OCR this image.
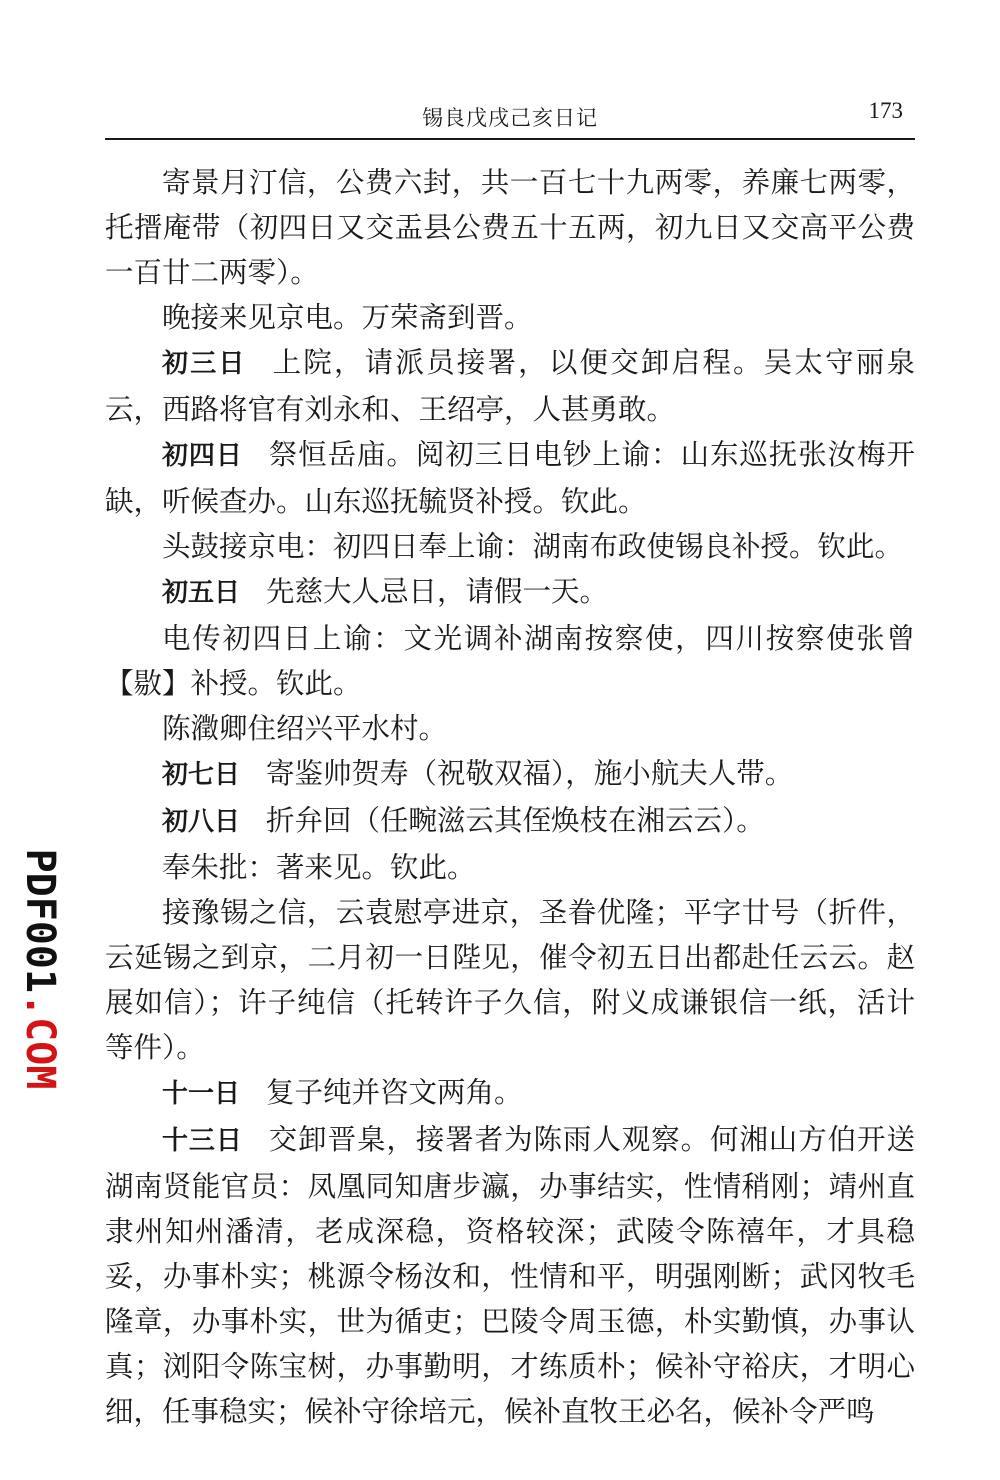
锡良戊戌己亥日记	173

寄景月汀信，公费六封，共一百七十九两零，养廉七两零，托搢庵带（初四日又交盂县公费五十五两，初九日又交高平公费一百廿二两零）。

晚接来见京电。万荣斋到晋。

初三日 上院，请派员接署，以便交卸启程。吴太守丽泉云，西路将官有刘永和、王绍亭，人甚勇敢。

初四日 祭恒岳庙。阅初三日电钞上谕：山东巡抚张汝梅开缺，听候查办。山东巡抚毓贤补授。钦此。

头鼓接京电：初四日奉上谕：湖南布政使锡良补授。钦此。

初五日 先慈大人忌日，请假一天。

电传初四日上谕：文光调补湖南按察使，四川按察使张曾【敭】补授。钦此。

陈瀓卿住绍兴平水村。

初七日 寄鉴帅贺寿（祝敬双福），施小航夫人带。

初八日 折弁回（任畹滋云其侄焕枝在湘云云）。

奉朱批：著来见。钦此。

接豫锡之信，云袁慰亭进京，圣眷优隆；平字廿号（折件，云延锡之到京，二月初一日陛见，催令初五日出都赴任云云。赵展如信）；许子纯信（托转许子久信，附义成谦银信一纸，活计等件）。

十一日 复子纯并咨文两角。

十三日 交卸晋臬，接署者为陈雨人观察。何湘山方伯开送湖南贤能官员：凤凰同知唐步瀛，办事结实，性情稍刚；靖州直隶州知州潘清，老成深稳，资格较深；武陵令陈禧年，才具稳妥，办事朴实；桃源令杨汝和，性情和平，明强刚断；武冈牧毛隆章，办事朴实，世为循吏；巴陵令周玉德，朴实勤慎，办事认真；浏阳令陈宝树，办事勤明，才练质朴；候补守裕庆，才明心细，任事稳实；候补守徐培元，候补直牧王必名，候补令严鸣

PDF001.COM
